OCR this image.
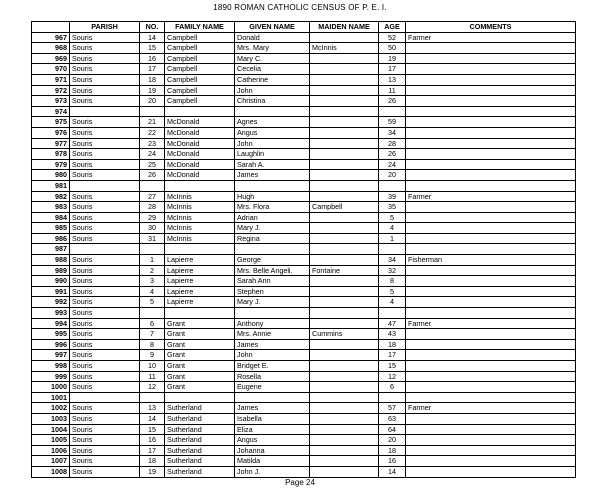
1890 ROMAN CATHOLIC CENSUS OF P. E. I.
	PARISH	NO.	FAMILY NAME	GIVEN NAME	MAIDEN NAME	AGE	COMMENTS
967	Souris	14	Campbell	Donald		52	Farmer
968	Souris	15	Campbell	Mrs. Mary	McInnis	50	
969	Souris	16	Campbell	Mary C.		19	
970	Souris	17	Campbell	Cecelia		17	
971	Souris	18	Campbell	Catherine		13	
972	Souris	19	Campbell	John		11	
973	Souris	20	Campbell	Christina		26	
974							
975	Souris	21	McDonald	Agnes		59	
976	Souris	22	McDonald	Angus		34	
977	Souris	23	McDonald	John		28	
978	Souris	24	McDonald	Laughlin		26	
979	Souris	25	McDonald	Sarah A.		24	
980	Souris	26	McDonald	James		20	
981							
982	Souris	27	McInnis	Hugh		39	Farmer
983	Souris	28	McInnis	Mrs. Flora	Campbell	35	
984	Souris	29	McInnis	Adrian		5	
985	Souris	30	McInnis	Mary J.		4	
986	Souris	31	McInnis	Regina		1	
987							
988	Souris	1	Lapierre	George		34	Fisherman
989	Souris	2	Lapierre	Mrs. Belle Angeli.	Fontaine	32	
990	Souris	3	Lapierre	Sarah Ann		8	
991	Souris	4	Lapierre	Stephen		5	
992	Souris	5	Lapierre	Mary J.		4	
993	Souris						
994	Souris	6	Grant	Anthony		47	Farmer
995	Souris	7	Grant	Mrs. Annie	Cummins	43	
996	Souris	8	Grant	James		18	
997	Souris	9	Grant	John		17	
998	Souris	10	Grant	Bridget E.		15	
999	Souris	11	Grant	Rosella		12	
1000	Souris	12	Grant	Eugene		6	
1001							
1002	Souris	13	Sutherland	James		57	Farmer
1003	Souris	14	Sutherland	Isabella		63	
1004	Souris	15	Sutherland	Eliza		64	
1005	Souris	16	Sutherland	Angus		20	
1006	Souris	17	Sutherland	Johanna		18	
1007	Souris	18	Sutherland	Matilda		16	
1008	Souris	19	Sutherland	John J.		14	
Page 24
